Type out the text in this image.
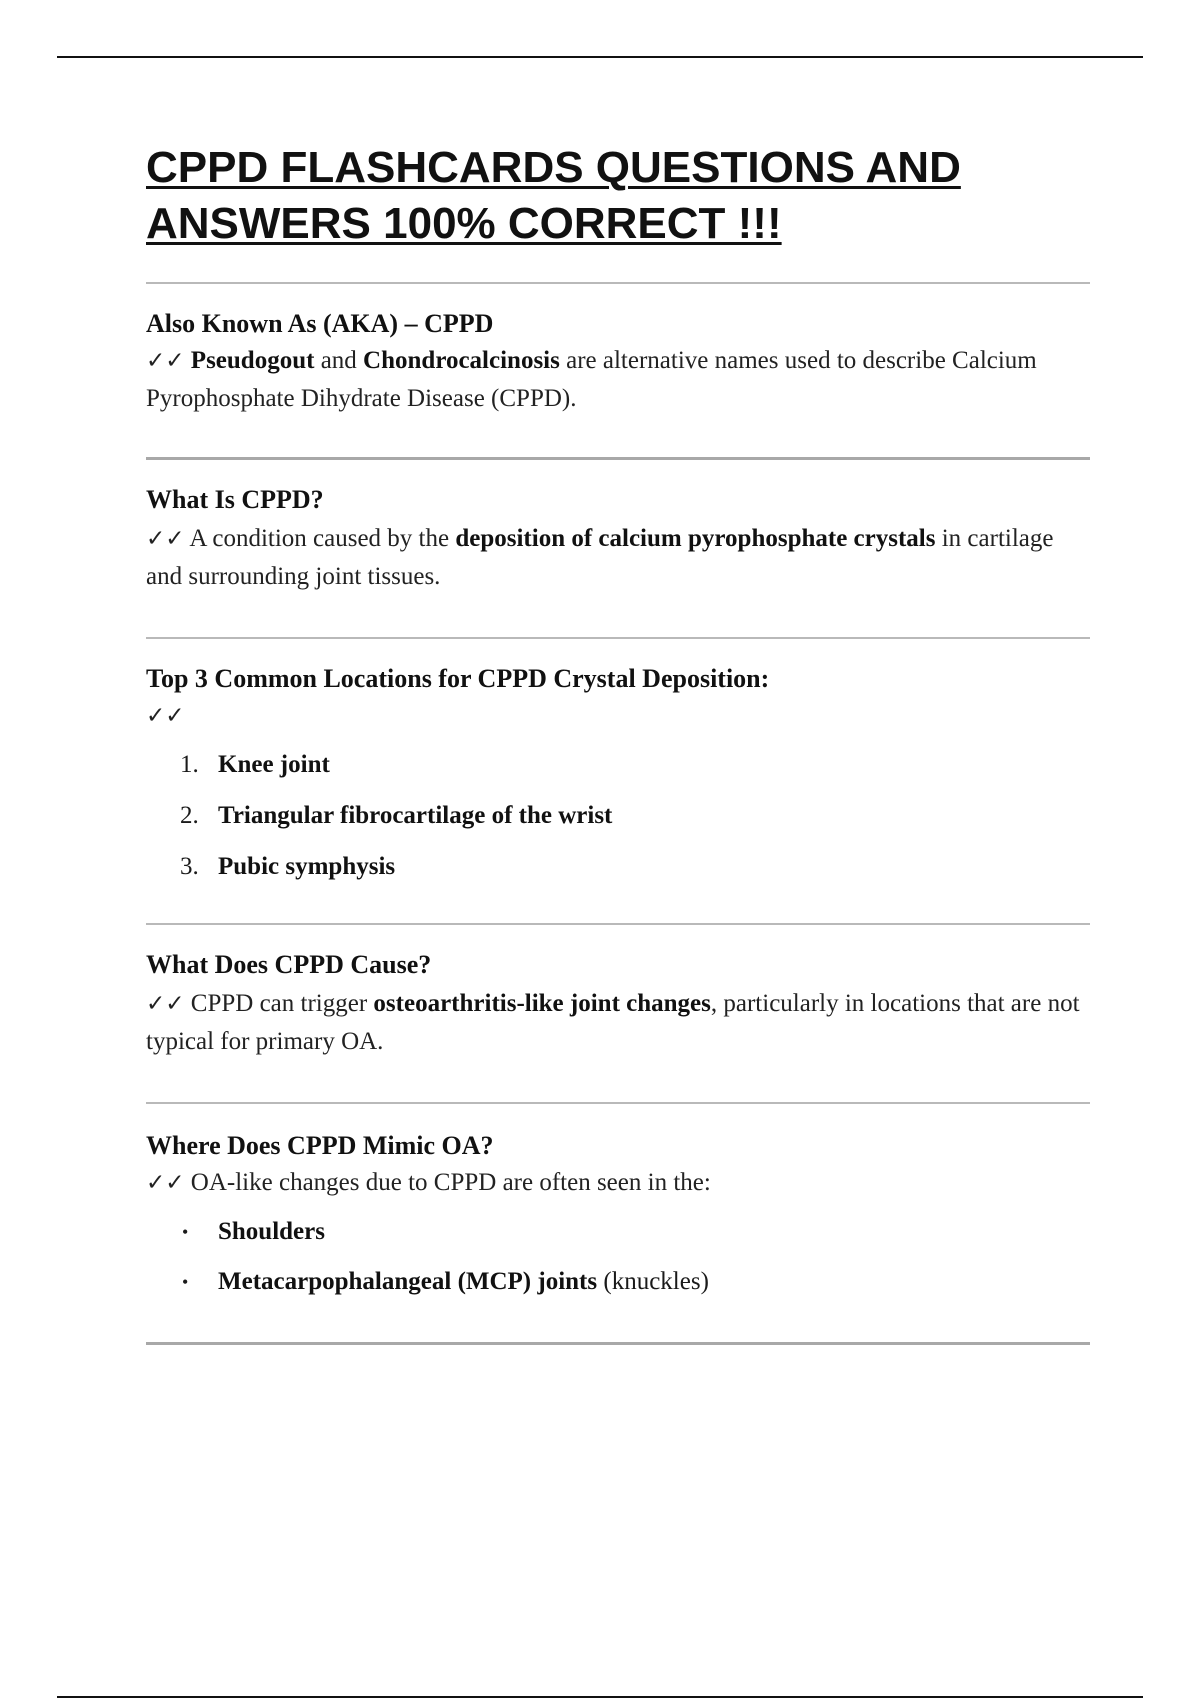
CPPD FLASHCARDS QUESTIONS AND ANSWERS 100% CORRECT !!!
Also Known As (AKA) – CPPD
✓✓ Pseudogout and Chondrocalcinosis are alternative names used to describe Calcium Pyrophosphate Dihydrate Disease (CPPD).
What Is CPPD?
✓✓ A condition caused by the deposition of calcium pyrophosphate crystals in cartilage and surrounding joint tissues.
Top 3 Common Locations for CPPD Crystal Deposition:
✓✓
1. Knee joint
2. Triangular fibrocartilage of the wrist
3. Pubic symphysis
What Does CPPD Cause?
✓✓ CPPD can trigger osteoarthritis-like joint changes, particularly in locations that are not typical for primary OA.
Where Does CPPD Mimic OA?
✓✓ OA-like changes due to CPPD are often seen in the:
• Shoulders
• Metacarpophalangeal (MCP) joints (knuckles)
